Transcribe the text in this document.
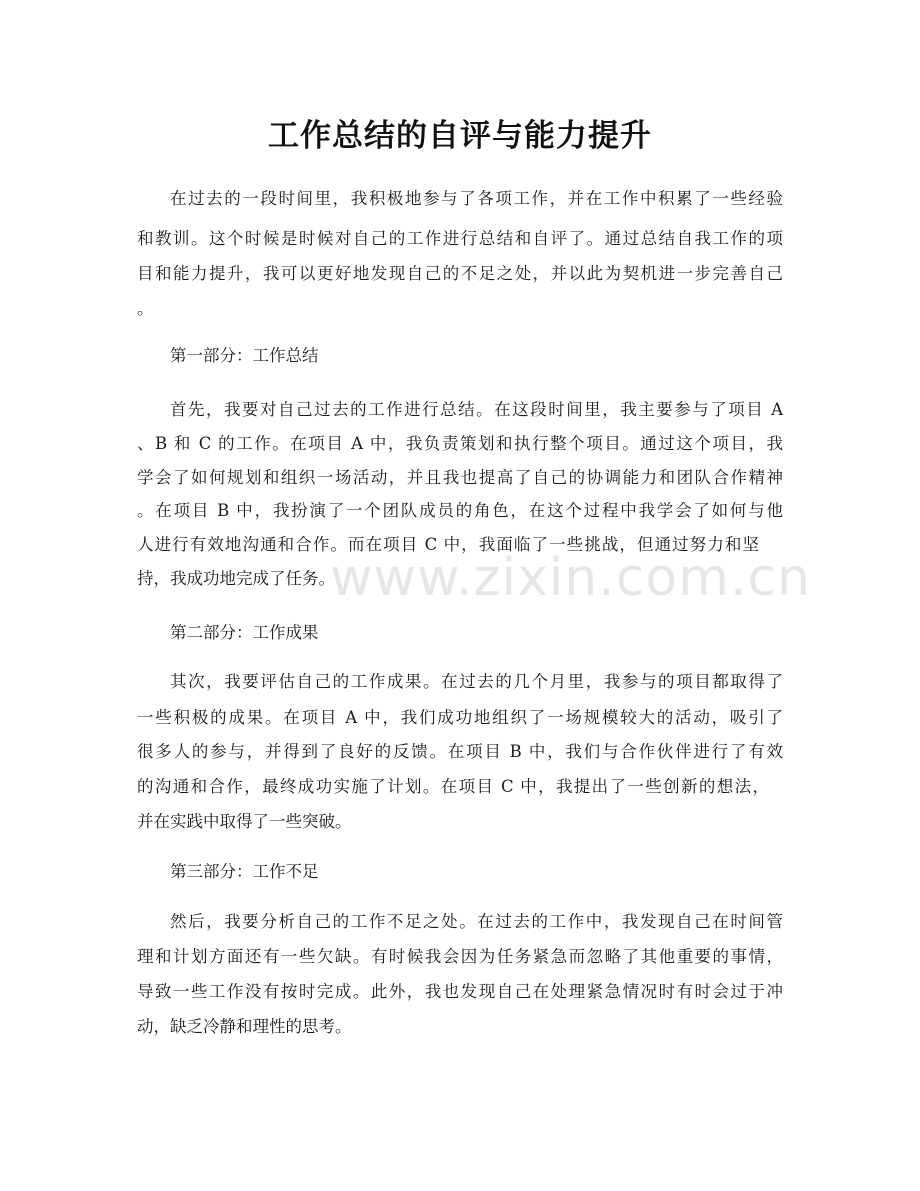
工作总结的自评与能力提升
在过去的一段时间里，我积极地参与了各项工作，并在工作中积累了一些经验
和教训。这个时候是时候对自己的工作进行总结和自评了。通过总结自我工作的项
目和能力提升，我可以更好地发现自己的不足之处，并以此为契机进一步完善自己
。
第一部分：工作总结
首先，我要对自己过去的工作进行总结。在这段时间里，我主要参与了项目 A
、B 和 C 的工作。在项目 A 中，我负责策划和执行整个项目。通过这个项目，我
学会了如何规划和组织一场活动，并且我也提高了自己的协调能力和团队合作精神
。在项目 B 中，我扮演了一个团队成员的角色，在这个过程中我学会了如何与他
人进行有效地沟通和合作。而在项目 C 中，我面临了一些挑战，但通过努力和坚
持，我成功地完成了任务。
第二部分：工作成果
其次，我要评估自己的工作成果。在过去的几个月里，我参与的项目都取得了
一些积极的成果。在项目 A 中，我们成功地组织了一场规模较大的活动，吸引了
很多人的参与，并得到了良好的反馈。在项目 B 中，我们与合作伙伴进行了有效
的沟通和合作，最终成功实施了计划。在项目 C 中，我提出了一些创新的想法，
并在实践中取得了一些突破。
第三部分：工作不足
然后，我要分析自己的工作不足之处。在过去的工作中，我发现自己在时间管
理和计划方面还有一些欠缺。有时候我会因为任务紧急而忽略了其他重要的事情，
导致一些工作没有按时完成。此外，我也发现自己在处理紧急情况时有时会过于冲
动，缺乏冷静和理性的思考。
www.zixin.com.cn
